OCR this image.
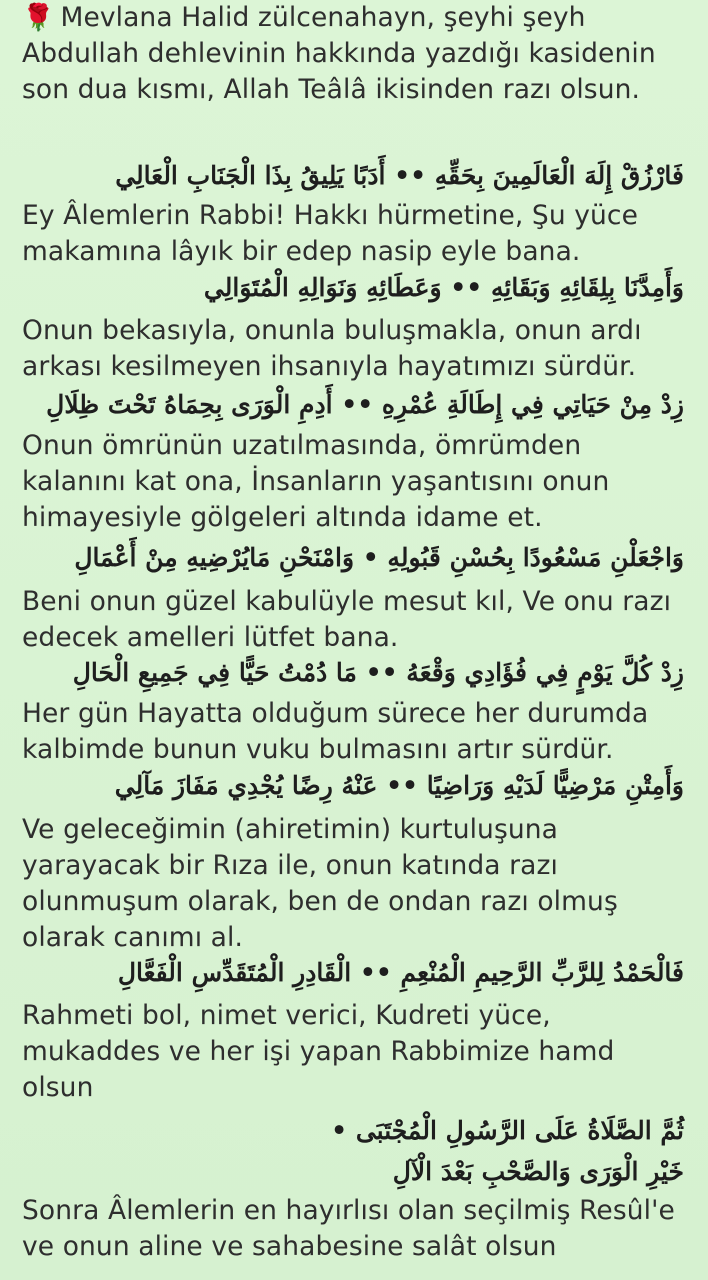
🌹 Mevlana Halid zülcenahayn, şeyhi şeyh
Abdullah dehlevinin hakkında yazdığı kasidenin
son dua kısmı, Allah Teâlâ ikisinden razı olsun.

فَارْزُقْ إِلَهَ الْعَالَمِينَ بِحَقِّهِ •• أَدَبًا يَلِيقُ بِذَا الْجَنَابِ الْعَالِي

Ey Âlemlerin Rabbi! Hakkı hürmetine, Şu yüce
makamına lâyık bir edep nasip eyle bana.

وَأَمِدَّنَا بِلِقَائِهِ وَبَقَائِهِ •• وَعَطَائِهِ وَنَوَالِهِ الْمُتَوَالِي

Onun bekasıyla, onunla buluşmakla, onun ardı
arkası kesilmeyen ihsanıyla hayatımızı sürdür.

زِدْ مِنْ حَيَاتِي فِي إِطَالَةِ عُمْرِهِ •• أَدِمِ الْوَرَى بِحِمَاهُ تَحْتَ ظِلَالِ

Onun ömrünün uzatılmasında, ömrümden
kalanını kat ona, İnsanların yaşantısını onun
himayesiyle gölgeleri altında idame et.

وَاجْعَلْنِ مَسْعُودًا بِحُسْنِ قَبُولِهِ • وَامْنَحْنِ مَايُرْضِيهِ مِنْ أَعْمَالِ

Beni onun güzel kabulüyle mesut kıl, Ve onu razı
edecek amelleri lütfet bana.

زِدْ كُلَّ يَوْمٍ فِي فُؤَادِي وَقْعَهُ •• مَا دُمْتُ حَيًّا فِي جَمِيعِ الْحَالِ

Her gün Hayatta olduğum sürece her durumda
kalbimde bunun vuku bulmasını artır sürdür.

وَأَمِتْنِ مَرْضِيًّا لَدَيْهِ وَرَاضِيًا •• عَنْهُ رِضًا يُجْدِي مَفَازَ مَآلِي

Ve geleceğimin (ahiretimin) kurtuluşuna
yarayacak bir Rıza ile, onun katında razı
olunmuşum olarak, ben de ondan razı olmuş
olarak canımı al.

فَالْحَمْدُ لِلرَّبِّ الرَّحِيمِ الْمُنْعِمِ •• الْقَادِرِ الْمُتَقَدِّسِ الْفَعَّالِ

Rahmeti bol, nimet verici, Kudreti yüce,
mukaddes ve her işi yapan Rabbimize hamd
olsun

ثُمَّ الصَّلَاةُ عَلَى الرَّسُولِ الْمُجْتَبَى •

خَيْرِ الْوَرَى وَالصَّحْبِ بَعْدَ الْآلِ

Sonra Âlemlerin en hayırlısı olan seçilmiş Resûl'e
ve onun aline ve sahabesine salât olsun
